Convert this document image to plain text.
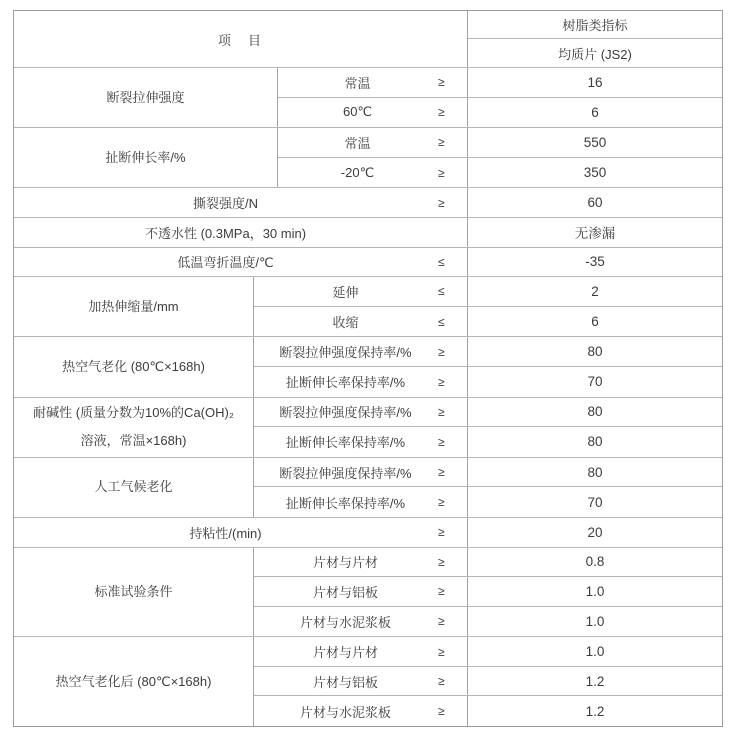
项　目
树脂类指标
均质片 (JS2)
断裂拉伸强度
常温	≥	16
60℃	≥	6
扯断伸长率/%
常温	≥	550
-20℃	≥	350
撕裂强度/N	≥	60
不透水性 (0.3MPa，30 min)	无渗漏
低温弯折温度/℃	≤	-35
加热伸缩量/mm
延伸	≤	2
收缩	≤	6
热空气老化 (80℃×168h)
断裂拉伸强度保持率/%	≥	80
扯断伸长率保持率/%	≥	70
耐碱性 (质量分数为10%的Ca(OH)₂
溶液，常温×168h)
断裂拉伸强度保持率/%	≥	80
扯断伸长率保持率/%	≥	80
人工气候老化
断裂拉伸强度保持率/%	≥	80
扯断伸长率保持率/%	≥	70
持粘性/(min)	≥	20
标准试验条件
片材与片材	≥	0.8
片材与铝板	≥	1.0
片材与水泥浆板	≥	1.0
热空气老化后 (80℃×168h)
片材与片材	≥	1.0
片材与铝板	≥	1.2
片材与水泥浆板	≥	1.2
